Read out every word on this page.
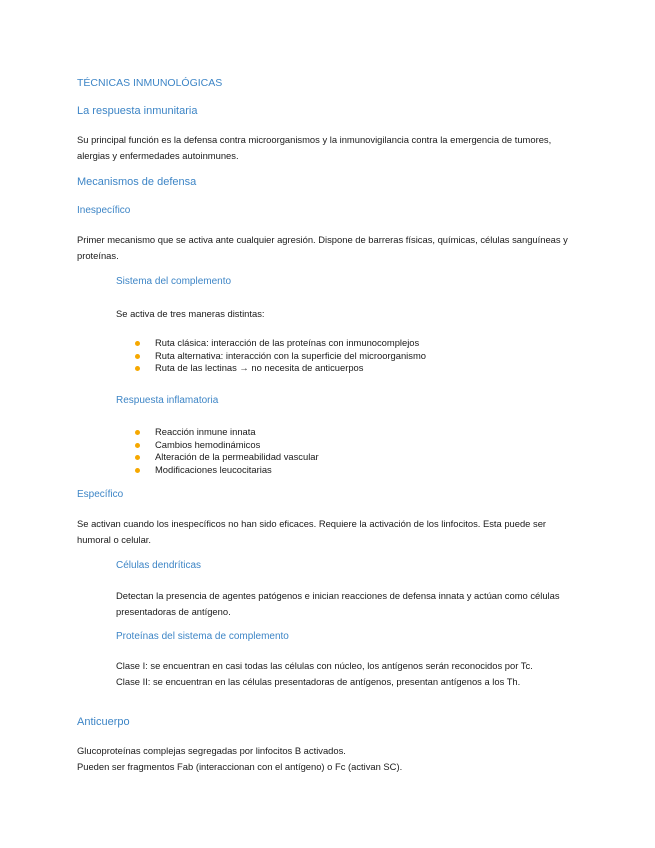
TÉCNICAS INMUNOLÓGICAS
La respuesta inmunitaria

Su principal función es la defensa contra microorganismos y la inmunovigilancia contra la emergencia de tumores, alergias y enfermedades autoinmunes.

Mecanismos de defensa
Inespecífico

Primer mecanismo que se activa ante cualquier agresión. Dispone de barreras físicas, químicas, células sanguíneas y proteínas.

Sistema del complemento

Se activa de tres maneras distintas:

Ruta clásica: interacción de las proteínas con inmunocomplejos
Ruta alternativa: interacción con la superficie del microorganismo
Ruta de las lectinas → no necesita de anticuerpos
Respuesta inflamatoria
Reacción inmune innata
Cambios hemodinámicos
Alteración de la permeabilidad vascular
Modificaciones leucocitarias
Específico

Se activan cuando los inespecíficos no han sido eficaces. Requiere la activación de los linfocitos. Esta puede ser humoral o celular.

Células dendríticas

Detectan la presencia de agentes patógenos e inician reacciones de defensa innata y actúan como células presentadoras de antígeno.

Proteínas del sistema de complemento

Clase I: se encuentran en casi todas las células con núcleo, los antígenos serán reconocidos por Tc.
Clase II: se encuentran en las células presentadoras de antígenos, presentan antígenos a los Th.

Anticuerpo

Glucoproteínas complejas segregadas por linfocitos B activados.
Pueden ser fragmentos Fab (interaccionan con el antígeno) o Fc (activan SC).
